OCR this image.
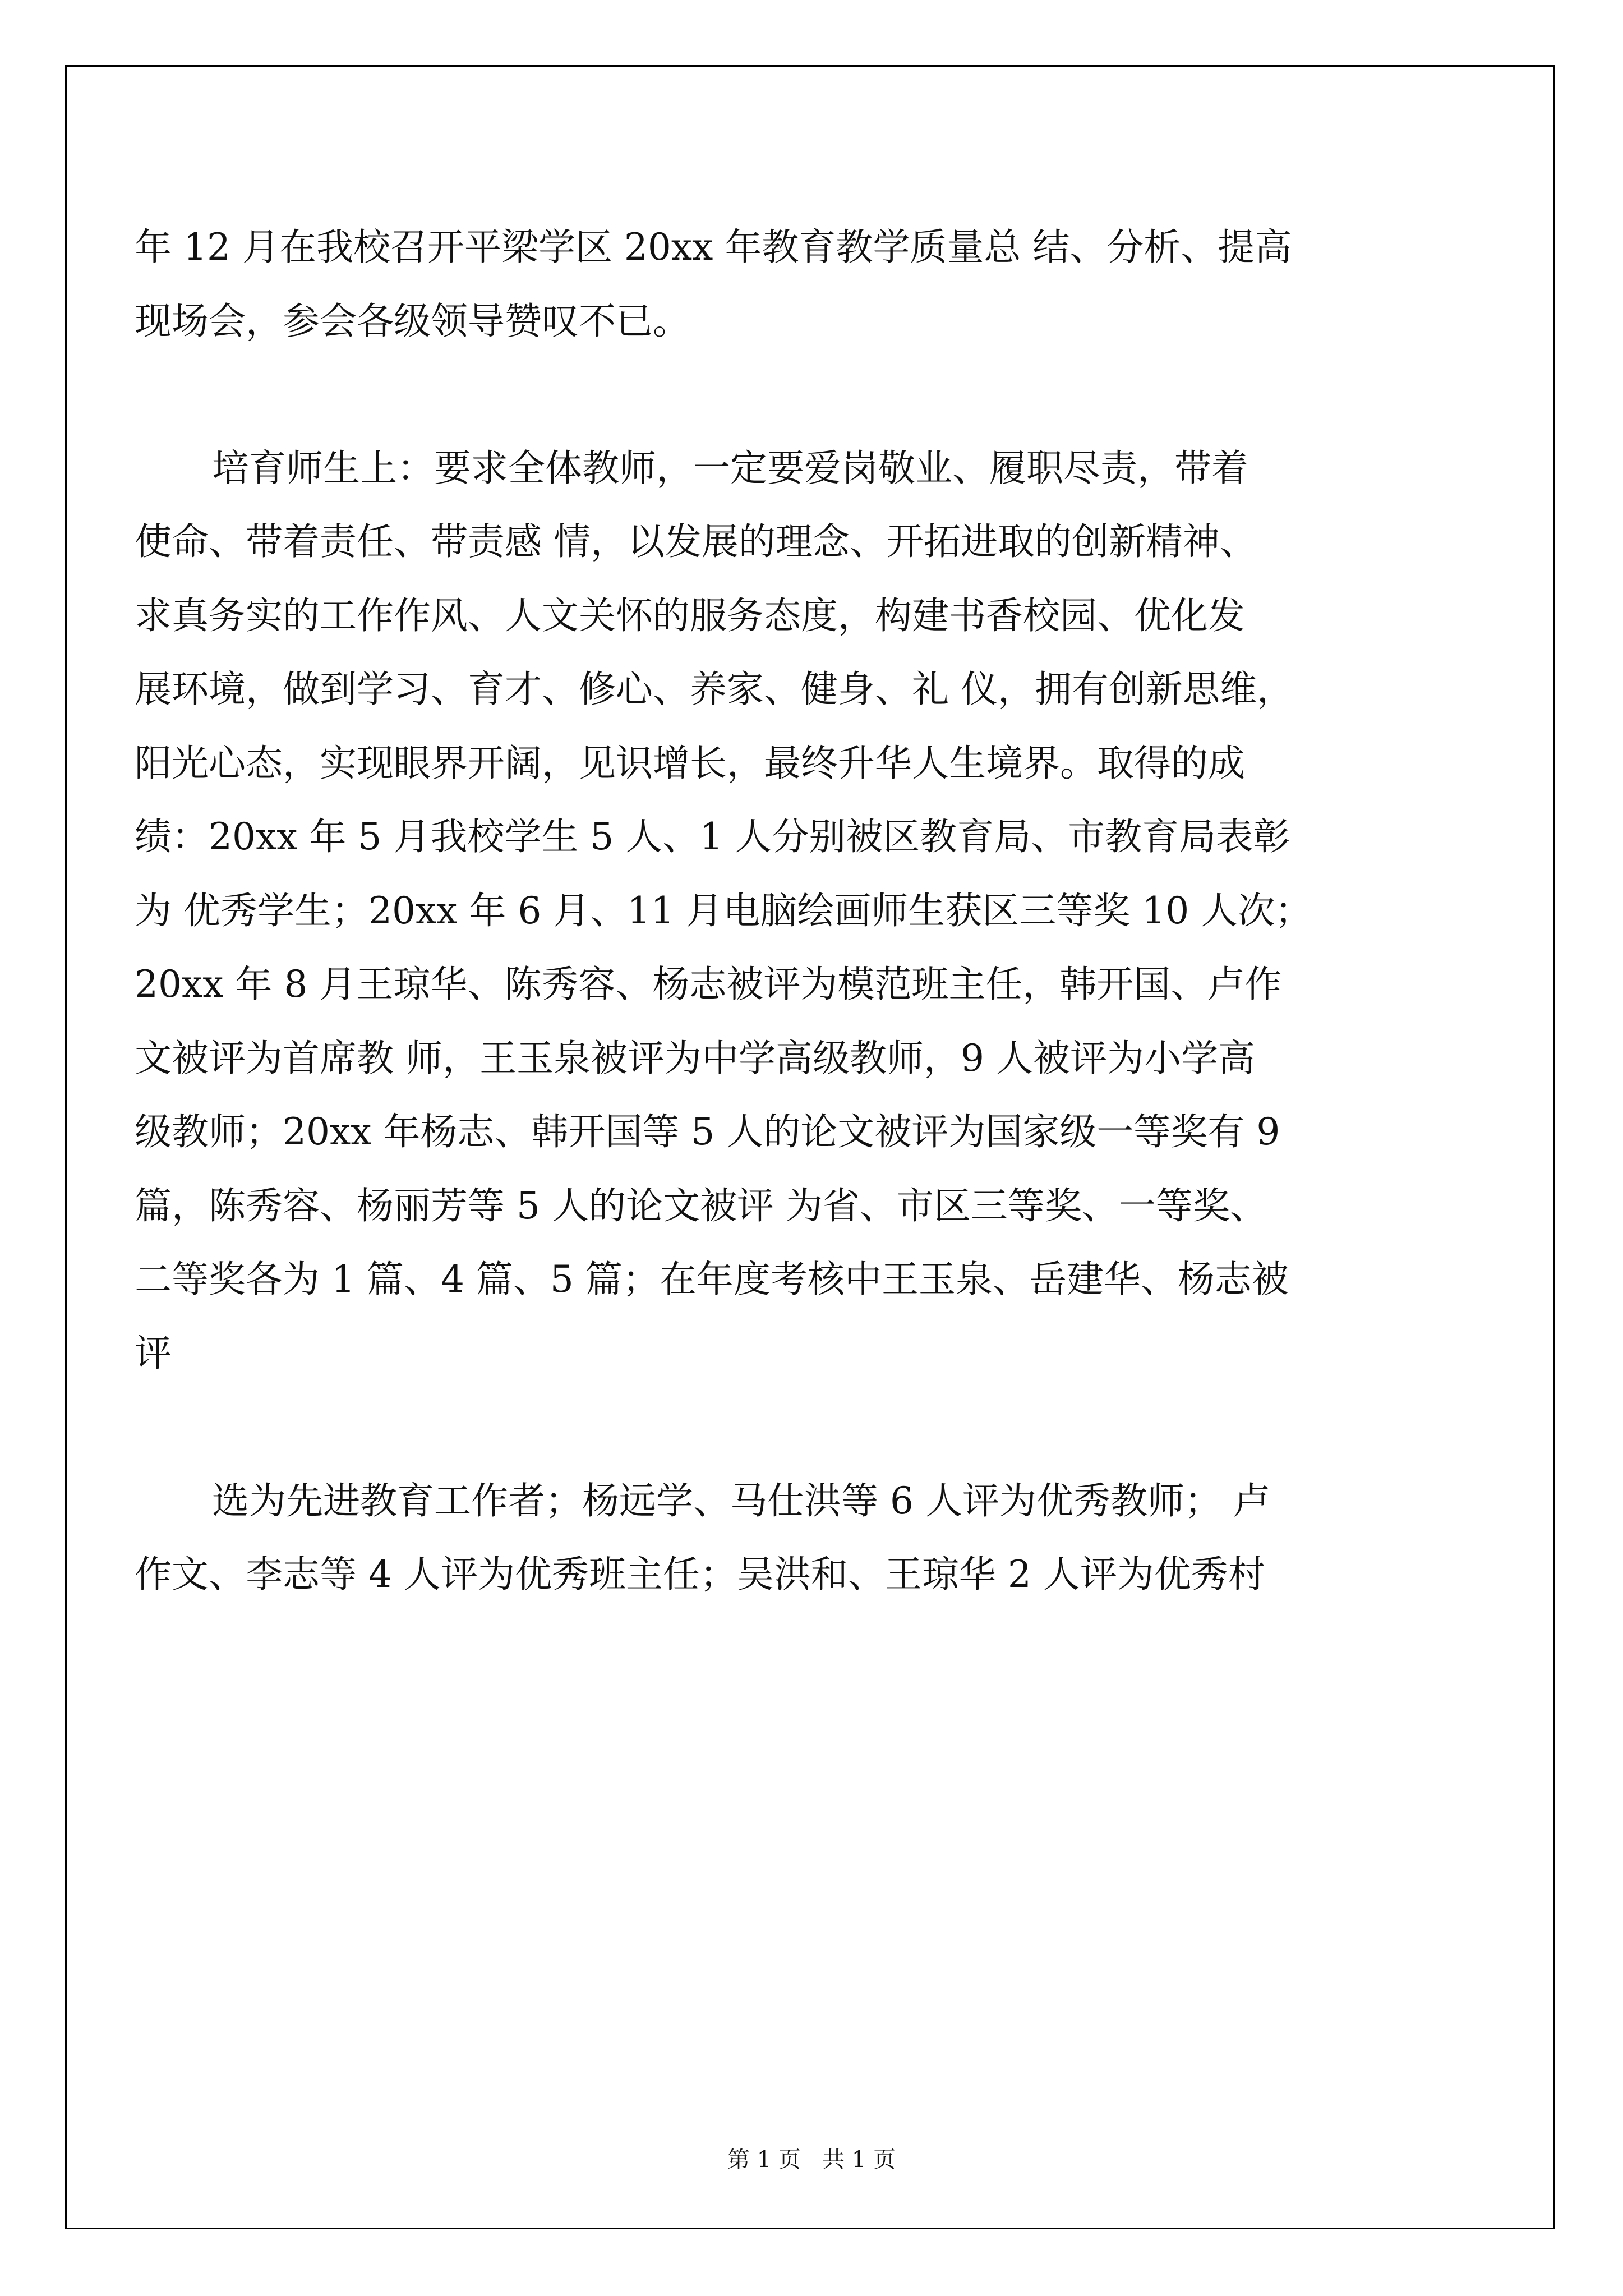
年 12 月在我校召开平梁学区 20xx 年教育教学质量总 结、分析、提高
现场会，参会各级领导赞叹不已。
培育师生上：要求全体教师，一定要爱岗敬业、履职尽责，带着
使命、带着责任、带责感 情，以发展的理念、开拓进取的创新精神、
求真务实的工作作风、人文关怀的服务态度，构建书香校园、优化发
展环境，做到学习、育才、修心、养家、健身、礼 仪，拥有创新思维，
阳光心态，实现眼界开阔，见识增长，最终升华人生境界。取得的成
绩：20xx 年 5 月我校学生 5 人、1 人分别被区教育局、市教育局表彰
为 优秀学生；20xx 年 6 月、11 月电脑绘画师生获区三等奖 10 人次；
20xx 年 8 月王琼华、陈秀容、杨志被评为模范班主任，韩开国、卢作
文被评为首席教 师，王玉泉被评为中学高级教师，9 人被评为小学高
级教师；20xx 年杨志、韩开国等 5 人的论文被评为国家级一等奖有 9
篇，陈秀容、杨丽芳等 5 人的论文被评 为省、市区三等奖、一等奖、
二等奖各为 1 篇、4 篇、5 篇；在年度考核中王玉泉、岳建华、杨志被
评
选为先进教育工作者；杨远学、马仕洪等 6 人评为优秀教师； 卢
作文、李志等 4 人评为优秀班主任；吴洪和、王琼华 2 人评为优秀村
第 1 页   共 1 页
